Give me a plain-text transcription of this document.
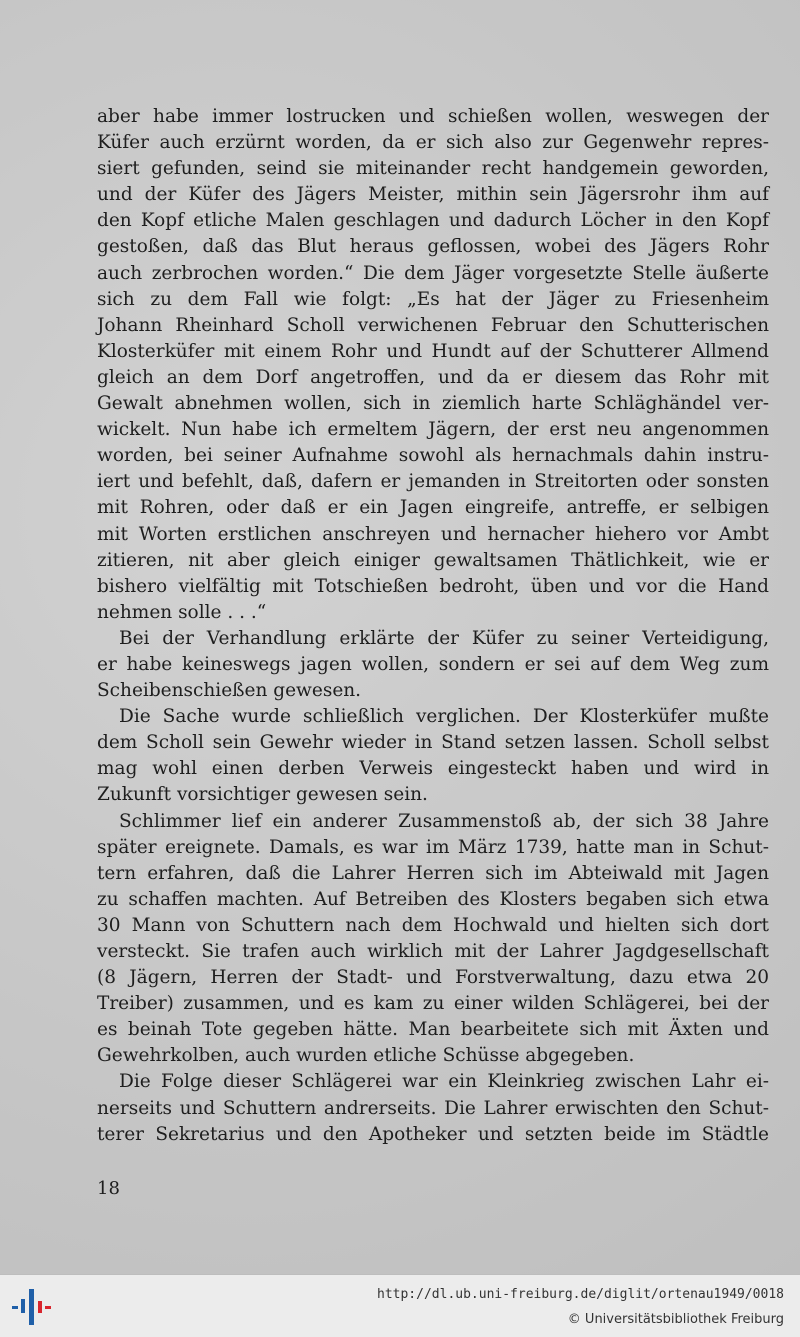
aber habe immer lostrucken und schießen wollen, weswegen der
Küfer auch erzürnt worden, da er sich also zur Gegenwehr repres-
siert gefunden, seind sie miteinander recht handgemein geworden,
und der Küfer des Jägers Meister, mithin sein Jägersrohr ihm auf
den Kopf etliche Malen geschlagen und dadurch Löcher in den Kopf
gestoßen, daß das Blut heraus geflossen, wobei des Jägers Rohr
auch zerbrochen worden.“ Die dem Jäger vorgesetzte Stelle äußerte
sich zu dem Fall wie folgt: „Es hat der Jäger zu Friesenheim
Johann Rheinhard Scholl verwichenen Februar den Schutterischen
Klosterküfer mit einem Rohr und Hundt auf der Schutterer Allmend
gleich an dem Dorf angetroffen, und da er diesem das Rohr mit
Gewalt abnehmen wollen, sich in ziemlich harte Schläghändel ver-
wickelt. Nun habe ich ermeltem Jägern, der erst neu angenommen
worden, bei seiner Aufnahme sowohl als hernachmals dahin instru-
iert und befehlt, daß, dafern er jemanden in Streitorten oder sonsten
mit Rohren, oder daß er ein Jagen eingreife, antreffe, er selbigen
mit Worten erstlichen anschreyen und hernacher hiehero vor Ambt
zitieren, nit aber gleich einiger gewaltsamen Thätlichkeit, wie er
bishero vielfältig mit Totschießen bedroht, üben und vor die Hand
nehmen solle . . .“
Bei der Verhandlung erklärte der Küfer zu seiner Verteidigung,
er habe keineswegs jagen wollen, sondern er sei auf dem Weg zum
Scheibenschießen gewesen.
Die Sache wurde schließlich verglichen. Der Klosterküfer mußte
dem Scholl sein Gewehr wieder in Stand setzen lassen. Scholl selbst
mag wohl einen derben Verweis eingesteckt haben und wird in
Zukunft vorsichtiger gewesen sein.
Schlimmer lief ein anderer Zusammenstoß ab, der sich 38 Jahre
später ereignete. Damals, es war im März 1739, hatte man in Schut-
tern erfahren, daß die Lahrer Herren sich im Abteiwald mit Jagen
zu schaffen machten. Auf Betreiben des Klosters begaben sich etwa
30 Mann von Schuttern nach dem Hochwald und hielten sich dort
versteckt. Sie trafen auch wirklich mit der Lahrer Jagdgesellschaft
(8 Jägern, Herren der Stadt- und Forstverwaltung, dazu etwa 20
Treiber) zusammen, und es kam zu einer wilden Schlägerei, bei der
es beinah Tote gegeben hätte. Man bearbeitete sich mit Äxten und
Gewehrkolben, auch wurden etliche Schüsse abgegeben.
Die Folge dieser Schlägerei war ein Kleinkrieg zwischen Lahr ei-
nerseits und Schuttern andrerseits. Die Lahrer erwischten den Schut-
terer Sekretarius und den Apotheker und setzten beide im Städtle
18
http://dl.ub.uni-freiburg.de/diglit/ortenau1949/0018
© Universitätsbibliothek Freiburg
